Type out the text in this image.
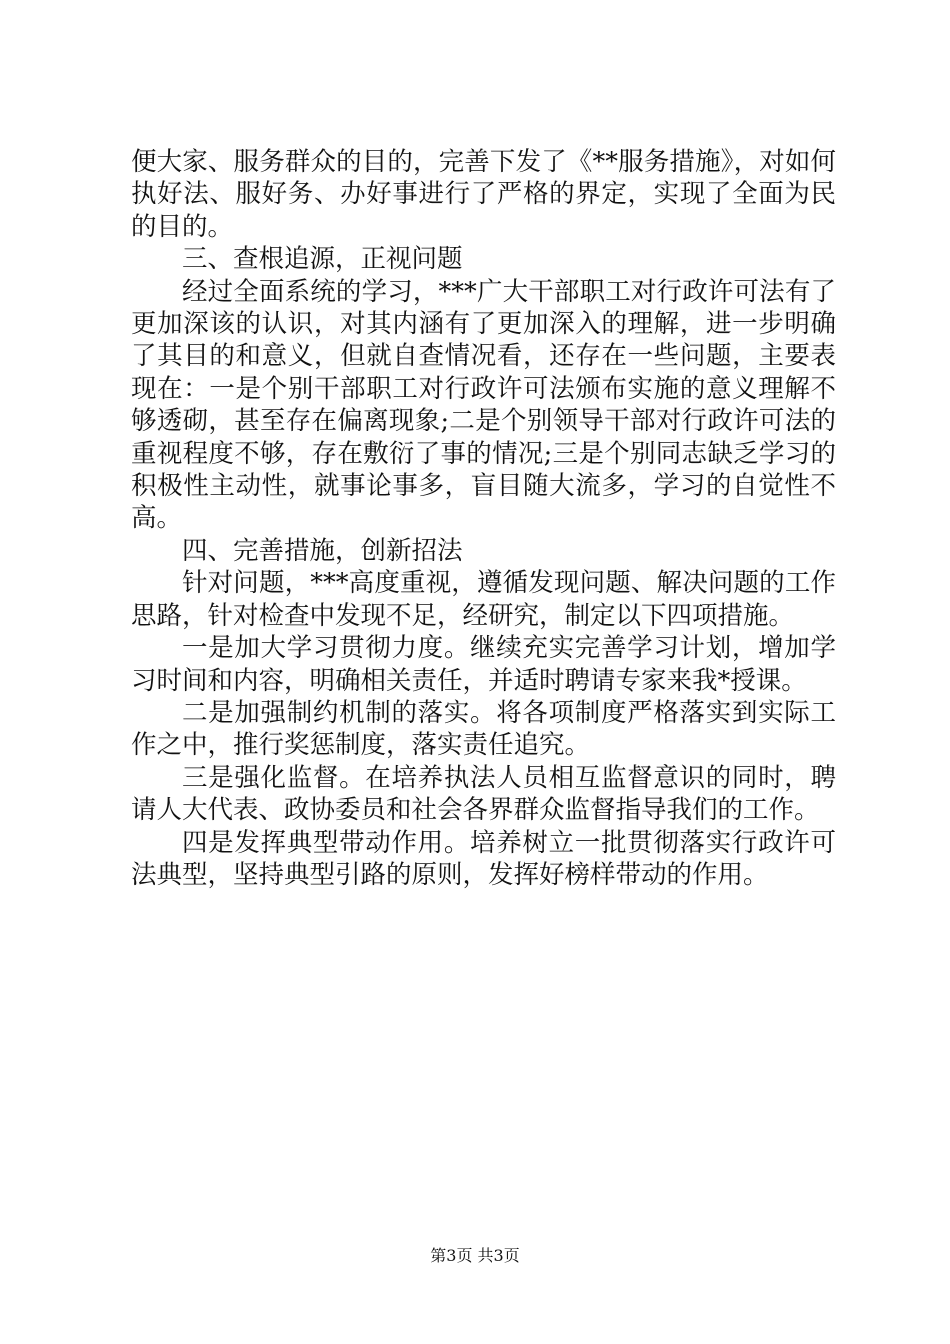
便大家、服务群众的目的，完善下发了《**服务措施》，对如何执好法、服好务、办好事进行了严格的界定，实现了全面为民的目的。

三、查根追源，正视问题

经过全面系统的学习，***广大干部职工对行政许可法有了更加深该的认识，对其内涵有了更加深入的理解，进一步明确了其目的和意义，但就自查情况看，还存在一些问题，主要表现在：一是个别干部职工对行政许可法颁布实施的意义理解不够透砌，甚至存在偏离现象;二是个别领导干部对行政许可法的重视程度不够，存在敷衍了事的情况;三是个别同志缺乏学习的积极性主动性，就事论事多，盲目随大流多，学习的自觉性不高。

四、完善措施，创新招法

针对问题，***高度重视，遵循发现问题、解决问题的工作思路，针对检查中发现不足，经研究，制定以下四项措施。

一是加大学习贯彻力度。继续充实完善学习计划，增加学习时间和内容，明确相关责任，并适时聘请专家来我*授课。

二是加强制约机制的落实。将各项制度严格落实到实际工作之中，推行奖惩制度，落实责任追究。

三是强化监督。在培养执法人员相互监督意识的同时，聘请人大代表、政协委员和社会各界群众监督指导我们的工作。

四是发挥典型带动作用。培养树立一批贯彻落实行政许可法典型，坚持典型引路的原则，发挥好榜样带动的作用。

第3页 共3页
